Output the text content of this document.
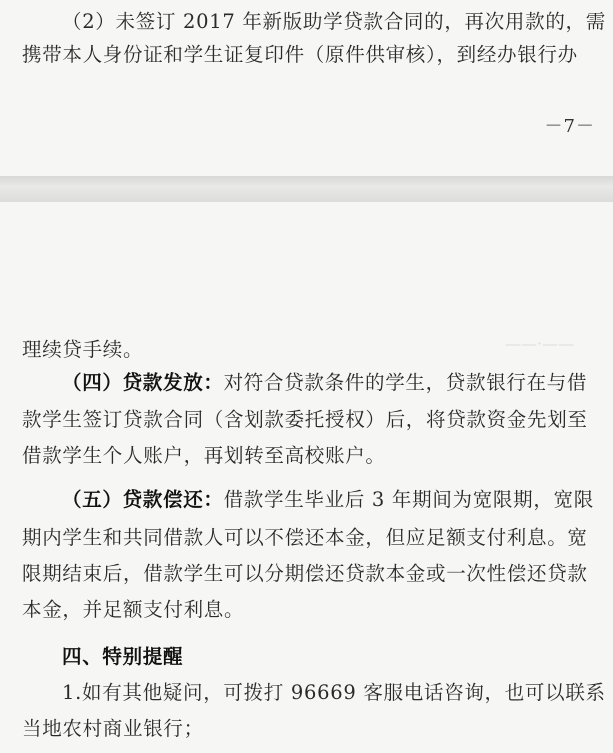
（2）未签订 2017 年新版助学贷款合同的，再次用款的，需
携带本人身份证和学生证复印件（原件供审核），到经办银行办
－7－
——·——
理续贷手续。
（四）贷款发放：对符合贷款条件的学生，贷款银行在与借
款学生签订贷款合同（含划款委托授权）后，将贷款资金先划至
借款学生个人账户，再划转至高校账户。
（五）贷款偿还：借款学生毕业后 3 年期间为宽限期，宽限
期内学生和共同借款人可以不偿还本金，但应足额支付利息。宽
限期结束后，借款学生可以分期偿还贷款本金或一次性偿还贷款
本金，并足额支付利息。
四、特别提醒
1.如有其他疑问，可拨打 96669 客服电话咨询，也可以联系
当地农村商业银行；
